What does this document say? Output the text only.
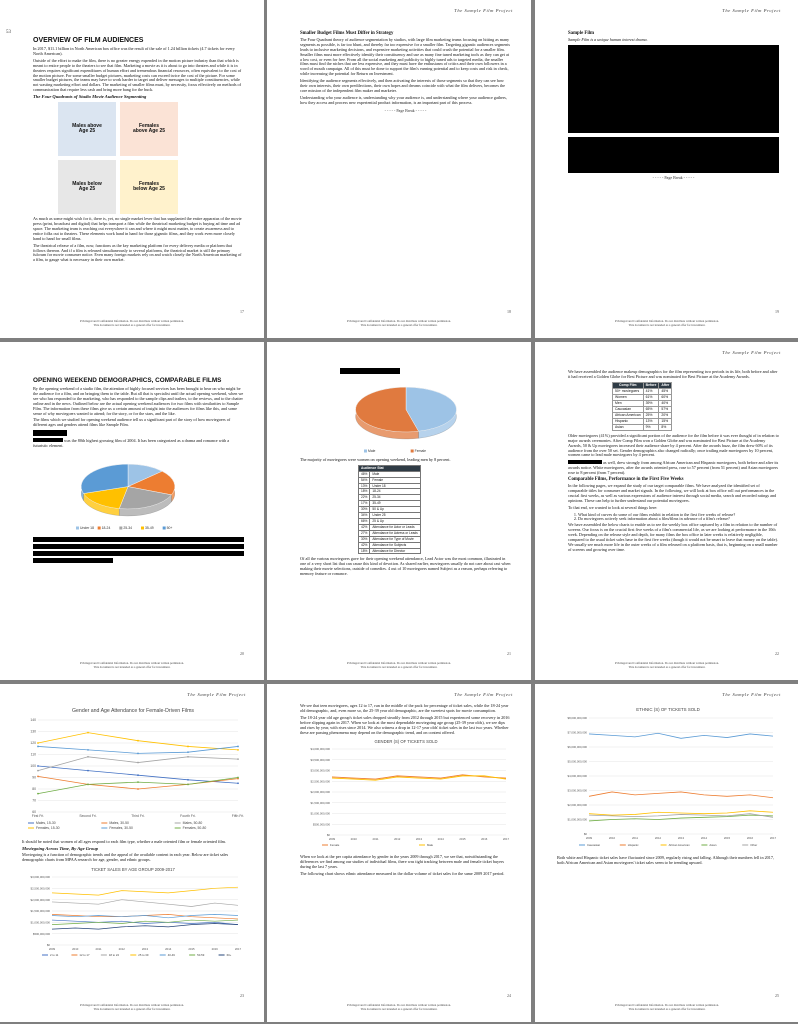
53
OVERVIEW OF FILM AUDIENCES

In 2017, $11.1 billion in North American box office was the result of the sale of 1.24 billion tickets (4.7 tickets for every North American).

Outside of the effort to make the film, there is no greater energy expended in the motion picture industry than that which is meant to entice people to the theaters to see that film. Marketing a movie as it is about to go into theaters and while it is in theaters requires significant expenditures of human effort and tremendous financial resources, often equivalent to the cost of the motion picture. For some smaller budget pictures, marketing costs can exceed twice the cost of the picture. For some smaller budget pictures, the teams may have to work harder to target and deliver messages to multiple constituencies, while not wasting marketing effort and dollars. The marketing of smaller films must, by necessity, focus effectively on methods of communication that require less cash and bring more bang for the buck.

The Four Quadrants of Studio Movie Audience Segmenting
Males above Age 25
Females above Age 25
Males below Age 25
Females below Age 25

As much as some might wish for it, there is, yet, no single market lever that has supplanted the entire apparatus of the movie press (print, broadcast and digital) that helps transport a film while the theatrical marketing budget is buying ad time and ad space. The marketing team is reaching out everywhere it can and where it might most matter, to create awareness and to entice folks out to theaters. These elements work hand in hand for those gigantic films, and they work even more closely hand to hand for small films.

The theatrical release of a film, now, functions as the key marketing platform for every delivery media or platform that follows thereon. And if a film is released simultaneously to several platforms, the theatrical market is still the primary fulcrum for movie consumer notice. Even many foreign markets rely on and watch closely the North American marketing of a film, to gauge what is necessary in their own market.

17
Privileged and Confidential Information. Do not distribute without written permission.
This document is not intended as a general offer for investment.
The Sample Film Project
Smaller Budget Films Must Differ in Strategy

The Four Quadrant theory of audience segmentation by studios, with large film marketing teams focusing on hitting as many segments as possible, is far too blunt, and thereby far too expensive for a smaller film. Targeting gigantic audiences segments leads to inclusive marketing decisions, and expensive marketing activities that could crush the potential for a smaller film. Smaller films must more effectively identify their constituency and use as many fine tuned marketing tools as they can get at a low cost, or even for free. From all the social marketing and publicity to highly tuned ads to targeted media, the smaller films must find the niches that are less expensive, and they must have the enthusiasm of critics and their own followers in a word of mouth campaign. All of this must be done to support the film's earning potential and to keep costs and risk in check, while increasing the potential for Return on Investment.

Identifying the audience segments effectively, and then activating the interests of those segments so that they can see how their own interests, their own predilections, their own hopes and dreams coincide with what the film delivers, becomes the core mission of the independent film maker and marketer.

Understanding who your audience is, understanding why your audience is, and understanding where your audience gathers, how they access and process new experiential product information, is an important part of this process.

- - - - - Page Break - - - - -
18
Privileged and Confidential Information. Do not distribute without written permission.
This document is not intended as a general offer for investment.
The Sample Film Project
Sample Film

Sample Film is a unique human interest drama.

- - - - - Page Break - - - - -
19
Privileged and Confidential Information. Do not distribute without written permission.
This document is not intended as a general offer for investment.
OPENING WEEKEND DEMOGRAPHICS, COMPARABLE FILMS

By the opening weekend of a studio film, the attention of highly focused services has been brought to bear on who might be the audience for a film, and on bringing them to the table. But all that is specialist until the actual opening weekend, when we see who has responded to the marketing, who has responded to the sample clips and trailers, to the reviews, and to the chatter online and in the news. Outlined below are the actual opening weekend audiences for two films with similarities to Sample Film. The information from these films give us a certain amount of insight into the audiences for films like this, and some sense of why moviegoers wanted to attend; for the story, or for the stars, and the like.

The films which we studied for opening weekend audience tell us a significant part of the story of how moviegoers of different ages and genders attend films like Sample Film.

was the 80th highest grossing film of 2004. It has been categorized as a drama and romance with a futuristic element.

Under 18 18-24	25-34	35-49	50+
20
Privileged and Confidential Information. Do not distribute without written permission.
This document is not intended as a general offer for investment.
Male	Female

The majority of moviegoers were women on opening weekend, leading men by 8 percent.

Audience Stat	
46%	Male
54%	Female
13%	Under 18
18%	18-24
22%	25-34
17%	35-49
30%	50 & Up
34%	Under 25
66%	25 & Up
42%	Attendance for Actor or Leads
27%	Attendance for Actress or Leads
30%	Attendance for Type of Movie
42%	Attendance for Subjects
18%	Attendance for Director

Of all the various moviegoers gave for their opening weekend attendance, Lead Actor was the most common, illustrated in one of a very short list that can cause this kind of devotion. As shared earlier, moviegoers usually do not care about cast when making their movie selections, outside of comedies. 4 out of 10 moviegoers named Subject as a reason, perhaps referring to memory feature or romance.

21
Privileged and Confidential Information. Do not distribute without written permission.
This document is not intended as a general offer for investment.
The Sample Film Project

We have assembled the audience makeup demographics for the film representing two periods in its life, both before and after it had received a Golden Globe for Best Picture and was nominated for Best Picture at the Academy Awards.

Comp Film	Before	After
50+ moviegoers	41%	45%
Women	61%	60%
Men	39%	40%
Caucasian	65%	57%
African American	25%	20%
Hispanic	13%	15%
Asian	9%	8%

Older moviegoers (41%) provided a significant portion of the audience for the film before it was ever thought of in relation to major awards ceremonies. After Comp Film won a Golden Globe and was nominated for Best Picture at the Academy Awards, 50 & Up moviegoers increased their audience share by 4 percent. After the awards buzz, the film drew 60% of its audience from the over 50 set. Gender demographics also changed radically; once trailing male moviegoers by 10 percent, women came to lead male moviegoers by 4 percent.

as well, drew strongly from among African American and Hispanic moviegoers, both before and after its awards notice. White moviegoers, after the awards oriented press, rose to 57 percent (from 51 percent) and Asian moviegoers rose to 8 percent (from 7 percent).

Comparable Films, Performance in the First Five Weeks

In the following pages, we expand the study of our target comparable films. We have analyzed the identified set of comparable titles for consumer and market signals. In the following, we will look at box office roll out performances in the crucial first weeks, as well as various expressions of audience interest through social media, search and recorded ratings and opinions. These can help to further understand our potential moviegoers.

To that end, we wanted to look at several things here:

1. What kind of curves do some of our films exhibit in relation to the first five weeks of release?
2. Do moviegoers actively seek information about a film/films in advance of a film's release?

We have assembled the below charts to enable us to see the weekly box office captured by a film in relation to the number of screens. Our focus is on the crucial first five weeks of a film's commercial life, as we are looking at performance in the 10th week. Depending on the release style and depth, for many films the box office in later weeks is relatively negligible, compared to the usual ticket sales base in the first five weeks (though it would not be smart to leave that money on the table). We usually see much more life in the outer weeks of a film released on a platform basis, that is, beginning on a small number of screens and growing over time.

22
Privileged and Confidential Information. Do not distribute without written permission.
This document is not intended as a general offer for investment.
The Sample Film Project
Gender and Age Attendance for Female-Driven Films
60
70
80
90
100
110
120
130
140
First Fri.	Second Fri.	Third Fri.	Fourth Fri.	Fifth Fri.
Males, 15-30	Males, 30-50	Males, 50-80
Females, 15-30	Females, 30-50	Females, 50-80

It should be noted that women of all ages respond to each film type, whether a male oriented film or female oriented film.

Moviegoing Across Time, By Age Group

Moviegoing is a function of demographic trends and the appeal of the available content in each year. Below are ticket sales demographic charts from MPAA research for age, gender, and ethnic groups.

TICKET SALES BY AGE GROUP 2009-2017
$0
$500,000,000
$1,000,000,000
$1,500,000,000
$2,000,000,000
$2,500,000,000
$3,000,000,000
2009	2010	2011	2012	2013	2014	2015	2016	2017
2 to 11	12 to 17	18 to 24	25 to 39	40-49	50-59	60+
23
Privileged and Confidential Information. Do not distribute without written permission.
This document is not intended as a general offer for investment.
The Sample Film Project

We see that teen moviegoers, ages 12 to 17, run in the middle of the pack for percentage of ticket sales, while the 18-24 year old demographic, and, even more so, the 25-39 year old demographic, are the sweetest spots for movie consumption.

The 18-24 year old age group's ticket sales dropped steadily from 2012 through 2015 but experienced some recovery in 2016 before slipping again in 2017. When we look at the most dependable moviegoing age group (25-39 year olds), we see dips and rises by year, with rises since 2014. We also witness a drop in 12-17 year olds' ticket sales in the last two years. Whether these are passing phenomena may depend on the demographic trend, and on content offered.

GENDER (S) OF TICKETS SOLD
$0
$500,000,000
$1,000,000,000
$1,500,000,000
$2,000,000,000
$2,500,000,000
$3,000,000,000
$3,500,000,000
$4,000,000,000
2009	2010	2011	2012	2013	2014	2015	2016	2017
Female	Male

When we look at the per capita attendance by gender in the years 2009 through 2017, we see that, notwithstanding the differences we find among our studies of individual films, there was tight tracking between male and female ticket buyers during the last 7 years.

The following chart shows ethnic attendance measured in the dollar volume of ticket sales for the same 2009 2017 period.

24
Privileged and Confidential Information. Do not distribute without written permission.
This document is not intended as a general offer for investment.
The Sample Film Project
ETHNIC (S) OF TICKETS SOLD
$0
$1,000,000,000
$2,000,000,000
$3,000,000,000
$4,000,000,000
$5,000,000,000
$6,000,000,000
$7,000,000,000
$8,000,000,000
2009	2010	2011	2012	2013	2014	2015	2016	2017
Caucasian	Hispanic	African American	Asian	Other

Both white and Hispanic ticket sales have fluctuated since 2009, regularly rising and falling. Although their numbers fell in 2017, both African American and Asian moviegoers' ticket sales seem to be trending upward.

25
Privileged and Confidential Information. Do not distribute without written permission.
This document is not intended as a general offer for investment.
